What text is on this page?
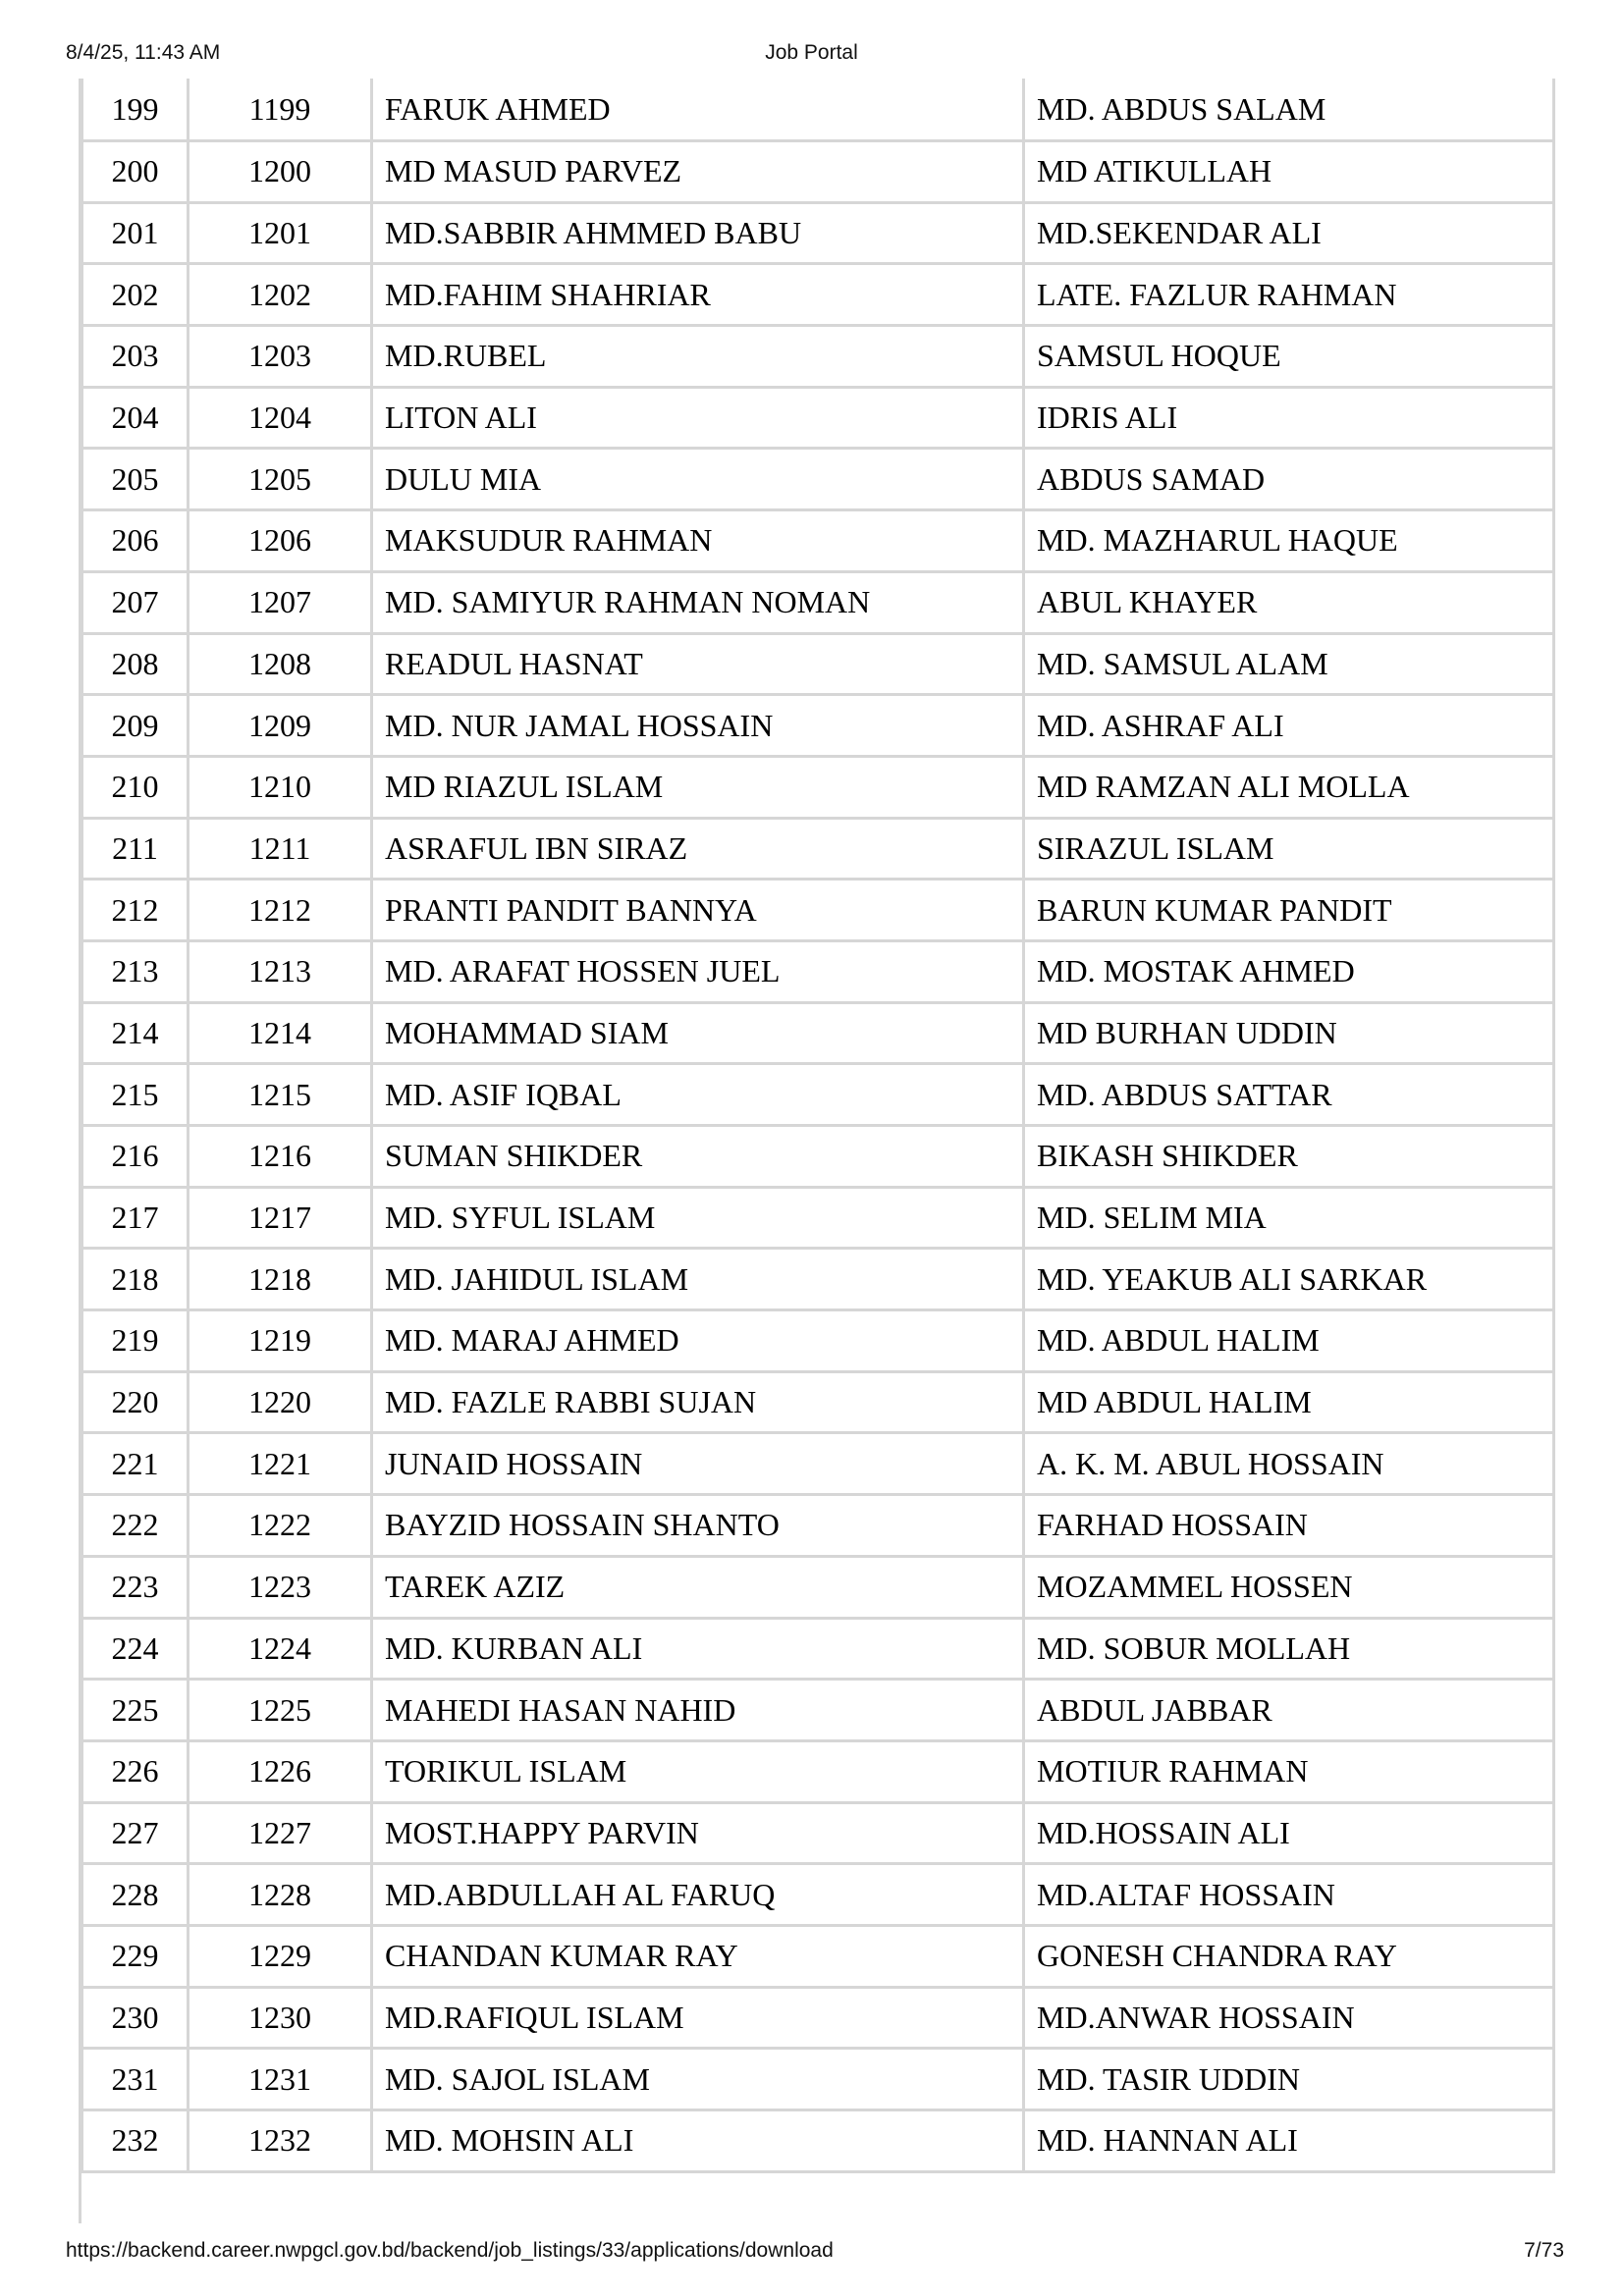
8/4/25, 11:43 AM	Job Portal
199	1199	FARUK AHMED	MD. ABDUS SALAM
200	1200	MD MASUD PARVEZ	MD ATIKULLAH
201	1201	MD.SABBIR AHMMED BABU	MD.SEKENDAR ALI
202	1202	MD.FAHIM SHAHRIAR	LATE. FAZLUR RAHMAN
203	1203	MD.RUBEL	SAMSUL HOQUE
204	1204	LITON ALI	IDRIS ALI
205	1205	DULU MIA	ABDUS SAMAD
206	1206	MAKSUDUR RAHMAN	MD. MAZHARUL HAQUE
207	1207	MD. SAMIYUR RAHMAN NOMAN	ABUL KHAYER
208	1208	READUL HASNAT	MD. SAMSUL ALAM
209	1209	MD. NUR JAMAL HOSSAIN	MD. ASHRAF ALI
210	1210	MD RIAZUL ISLAM	MD RAMZAN ALI MOLLA
211	1211	ASRAFUL IBN SIRAZ	SIRAZUL ISLAM
212	1212	PRANTI PANDIT BANNYA	BARUN KUMAR PANDIT
213	1213	MD. ARAFAT HOSSEN JUEL	MD. MOSTAK AHMED
214	1214	MOHAMMAD SIAM	MD BURHAN UDDIN
215	1215	MD. ASIF IQBAL	MD. ABDUS SATTAR
216	1216	SUMAN SHIKDER	BIKASH SHIKDER
217	1217	MD. SYFUL ISLAM	MD. SELIM MIA
218	1218	MD. JAHIDUL ISLAM	MD. YEAKUB ALI SARKAR
219	1219	MD. MARAJ AHMED	MD. ABDUL HALIM
220	1220	MD. FAZLE RABBI SUJAN	MD ABDUL HALIM
221	1221	JUNAID HOSSAIN	A. K. M. ABUL HOSSAIN
222	1222	BAYZID HOSSAIN SHANTO	FARHAD HOSSAIN
223	1223	TAREK AZIZ	MOZAMMEL HOSSEN
224	1224	MD. KURBAN ALI	MD. SOBUR MOLLAH
225	1225	MAHEDI HASAN NAHID	ABDUL JABBAR
226	1226	TORIKUL ISLAM	MOTIUR RAHMAN
227	1227	MOST.HAPPY PARVIN	MD.HOSSAIN ALI
228	1228	MD.ABDULLAH AL FARUQ	MD.ALTAF HOSSAIN
229	1229	CHANDAN KUMAR RAY	GONESH CHANDRA RAY
230	1230	MD.RAFIQUL ISLAM	MD.ANWAR HOSSAIN
231	1231	MD. SAJOL ISLAM	MD. TASIR UDDIN
232	1232	MD. MOHSIN ALI	MD. HANNAN ALI
https://backend.career.nwpgcl.gov.bd/backend/job_listings/33/applications/download	7/73
